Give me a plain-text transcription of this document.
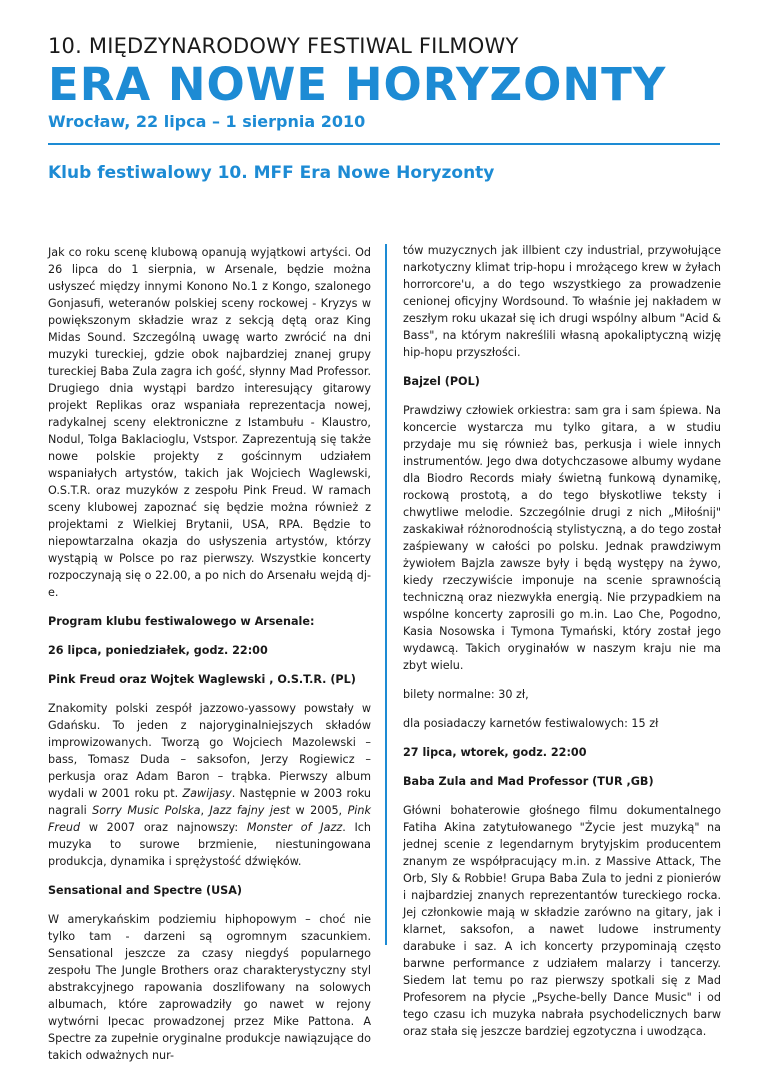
10. MIĘDZYNARODOWY FESTIWAL FILMOWY
ERA NOWE HORYZONTY
Wrocław, 22 lipca – 1 sierpnia 2010
Klub festiwalowy 10. MFF Era Nowe Horyzonty

Jak co roku scenę klubową opanują wyjątkowi artyści. Od 26 lipca do 1 sierpnia, w Arsenale, będzie można usłyszeć między innymi Konono No.1 z Kongo, szalonego Gonjasufi, weteranów polskiej sceny rockowej - Kryzys w powiększonym składzie wraz z sekcją dętą oraz King Midas Sound. Szczególną uwagę warto zwrócić na dni muzyki tureckiej, gdzie obok najbardziej znanej grupy tureckiej Baba Zula zagra ich gość, słynny Mad Professor. Drugiego dnia wystąpi bardzo interesujący gitarowy projekt Replikas oraz wspaniała reprezentacja nowej, radykalnej sceny elektroniczne z Istambułu - Klaustro, Nodul, Tolga Baklacioglu, Vstspor. Zaprezentują się także nowe polskie projekty z gościnnym udziałem wspaniałych artystów, takich jak Wojciech Waglewski, O.S.T.R. oraz muzyków z zespołu Pink Freud. W ramach sceny klubowej zapoznać się będzie można również z projektami z Wielkiej Brytanii, USA, RPA. Będzie to niepowtarzalna okazja do usłyszenia artystów, którzy wystąpią w Polsce po raz pierwszy. Wszystkie koncerty rozpoczynają się o 22.00, a po nich do Arsenału wejdą dj-e.

Program klubu festiwalowego w Arsenale:
26 lipca, poniedziałek, godz. 22:00
Pink Freud oraz Wojtek Waglewski , O.S.T.R. (PL)

Znakomity polski zespół jazzowo-yassowy powstały w Gdańsku. To jeden z najoryginalniejszych składów improwizowanych. Tworzą go Wojciech Mazolewski – bass, Tomasz Duda – saksofon, Jerzy Rogiewicz – perkusja oraz Adam Baron – trąbka. Pierwszy album wydali w 2001 roku pt. Zawijasy. Następnie w 2003 roku nagrali Sorry Music Polska, Jazz fajny jest w 2005, Pink Freud w 2007 oraz najnowszy: Monster of Jazz. Ich muzyka to surowe brzmienie, niestuningowana produkcja, dynamika i sprężystość dźwięków.

Sensational and Spectre (USA)

W amerykańskim podziemiu hiphopowym – choć nie tylko tam - darzeni są ogromnym szacunkiem. Sensational jeszcze za czasy niegdyś popularnego zespołu The Jungle Brothers oraz charakterystyczny styl abstrakcyjnego rapowania doszlifowany na solowych albumach, które zaprowadziły go nawet w rejony wytwórni Ipecac prowadzonej przez Mike Pattona. A Spectre za zupełnie oryginalne produkcje nawiązujące do takich odważnych nur-

tów muzycznych jak illbient czy industrial, przywołujące narkotyczny klimat trip-hopu i mrożącego krew w żyłach horrorcore'u, a do tego wszystkiego za prowadzenie cenionej oficyjny Wordsound. To właśnie jej nakładem w zeszłym roku ukazał się ich drugi wspólny album "Acid & Bass", na którym nakreślili własną apokaliptyczną wizję hip-hopu przyszłości.

Bajzel (POL)

Prawdziwy człowiek orkiestra: sam gra i sam śpiewa. Na koncercie wystarcza mu tylko gitara, a w studiu przydaje mu się również bas, perkusja i wiele innych instrumentów. Jego dwa dotychczasowe albumy wydane dla Biodro Records miały świetną funkową dynamikę, rockową prostotą, a do tego błyskotliwe teksty i chwytliwe melodie. Szczególnie drugi z nich „Miłośnij" zaskakiwał różnorodnością stylistyczną, a do tego został zaśpiewany w całości po polsku. Jednak prawdziwym żywiołem Bajzla zawsze były i będą występy na żywo, kiedy rzeczywiście imponuje na scenie sprawnością techniczną oraz niezwykła energią. Nie przypadkiem na wspólne koncerty zaprosili go m.in. Lao Che, Pogodno, Kasia Nosowska i Tymona Tymański, który został jego wydawcą. Takich oryginałów w naszym kraju nie ma zbyt wielu.

bilety normalne: 30 zł,

dla posiadaczy karnetów festiwalowych: 15 zł

27 lipca, wtorek, godz. 22:00
Baba Zula and Mad Professor (TUR ,GB)

Główni bohaterowie głośnego filmu dokumentalnego Fatiha Akina zatytułowanego "Życie jest muzyką" na jednej scenie z legendarnym brytyjskim producentem znanym ze współpracujący m.in. z Massive Attack, The Orb, Sly & Robbie! Grupa Baba Zula to jedni z pionierów i najbardziej znanych reprezentantów tureckiego rocka. Jej członkowie mają w składzie zarówno na gitary, jak i klarnet, saksofon, a nawet ludowe instrumenty darabuke i saz. A ich koncerty przypominają często barwne performance z udziałem malarzy i tancerzy. Siedem lat temu po raz pierwszy spotkali się z Mad Profesorem na płycie „Psyche-belly Dance Music" i od tego czasu ich muzyka nabrała psychodelicznych barw oraz stała się jeszcze bardziej egzotyczna i uwodząca.
